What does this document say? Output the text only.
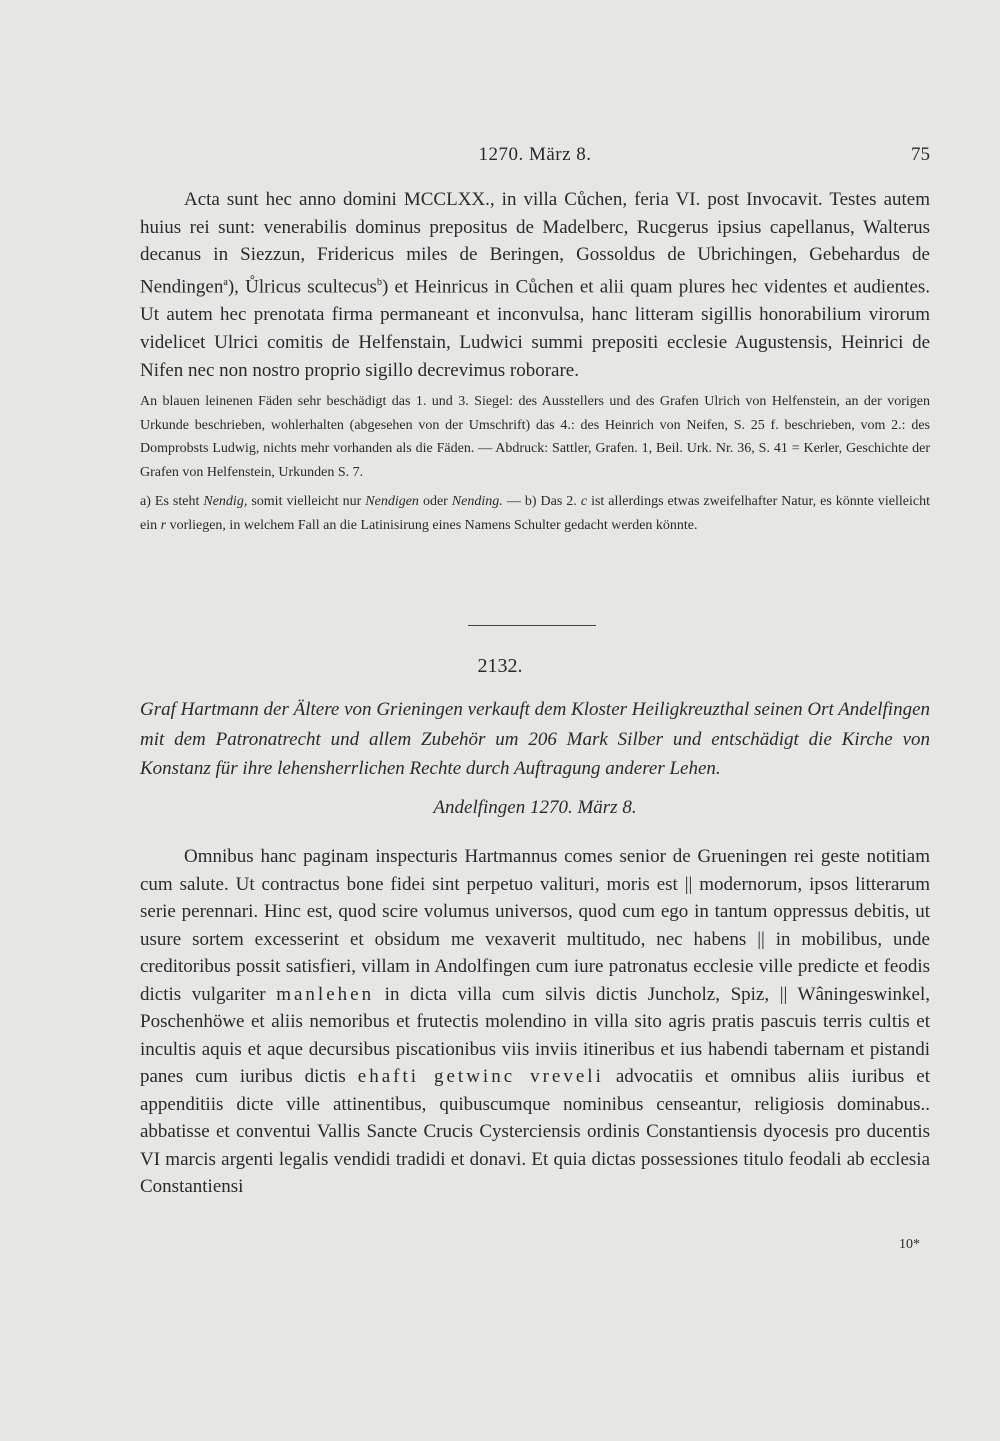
1270. März 8.	75

Acta sunt hec anno domini MCCLXX., in villa Cůchen, feria VI. post Invocavit. Testes autem huius rei sunt: venerabilis dominus prepositus de Madelberc, Rucgerus ipsius capellanus, Walterus decanus in Siezzun, Fridericus miles de Beringen, Gossoldus de Ubrichingen, Gebehardus de Nendingen$^a$), Ůlricus scultecus$^b$) et Heinricus in Cůchen et alii quam plures hec videntes et audientes. Ut autem hec prenotata firma permaneant et inconvulsa, hanc litteram sigillis honorabilium virorum videlicet Ulrici comitis de Helfenstain, Ludwici summi prepositi ecclesie Augustensis, Heinrici de Nifen nec non nostro proprio sigillo decrevimus roborare.

An blauen leinenen Fäden sehr beschädigt das 1. und 3. Siegel: des Ausstellers und des Grafen Ulrich von Helfenstein, an der vorigen Urkunde beschrieben, wohlerhalten (abgesehen von der Umschrift) das 4.: des Heinrich von Neifen, S. 25 f. beschrieben, vom 2.: des Domprobsts Ludwig, nichts mehr vorhanden als die Fäden. — Abdruck: Sattler, Grafen. 1, Beil. Urk. Nr. 36, S. 41 = Kerler, Geschichte der Grafen von Helfenstein, Urkunden S. 7.

a) Es steht Nendig, somit vielleicht nur Nendigen oder Nending. — b) Das 2. c ist allerdings etwas zweifelhafter Natur, es könnte vielleicht ein r vorliegen, in welchem Fall an die Latinisirung eines Namens Schulter gedacht werden könnte.

2132.
Graf Hartmann der Ältere von Grieningen verkauft dem Kloster Heiligkreuzthal seinen Ort Andelfingen mit dem Patronatrecht und allem Zubehör um 206 Mark Silber und entschädigt die Kirche von Konstanz für ihre lehensherrlichen Rechte durch Auftragung anderer Lehen.
Andelfingen 1270. März 8.

Omnibus hanc paginam inspecturis Hartmannus comes senior de Grueningen rei geste notitiam cum salute. Ut contractus bone fidei sint perpetuo valituri, moris est || modernorum, ipsos litterarum serie perennari. Hinc est, quod scire volumus universos, quod cum ego in tantum oppressus debitis, ut usure sortem excesserint et obsidum me vexaverit multitudo, nec habens || in mobilibus, unde creditoribus possit satisfieri, villam in Andolfingen cum iure patronatus ecclesie ville predicte et feodis dictis vulgariter manlehen in dicta villa cum silvis dictis Juncholz, Spiz, || Wâningeswinkel, Poschenhöwe et aliis nemoribus et frutectis molendino in villa sito agris pratis pascuis terris cultis et incultis aquis et aque decursibus piscationibus viis inviis itineribus et ius habendi tabernam et pistandi panes cum iuribus dictis ehafti getwinc vreveli advocatiis et omnibus aliis iuribus et appenditiis dicte ville attinentibus, quibuscumque nominibus censeantur, religiosis dominabus.. abbatisse et conventui Vallis Sancte Crucis Cysterciensis ordinis Constantiensis dyocesis pro ducentis VI marcis argenti legalis vendidi tradidi et donavi. Et quia dictas possessiones titulo feodali ab ecclesia Constantiensi

10*
